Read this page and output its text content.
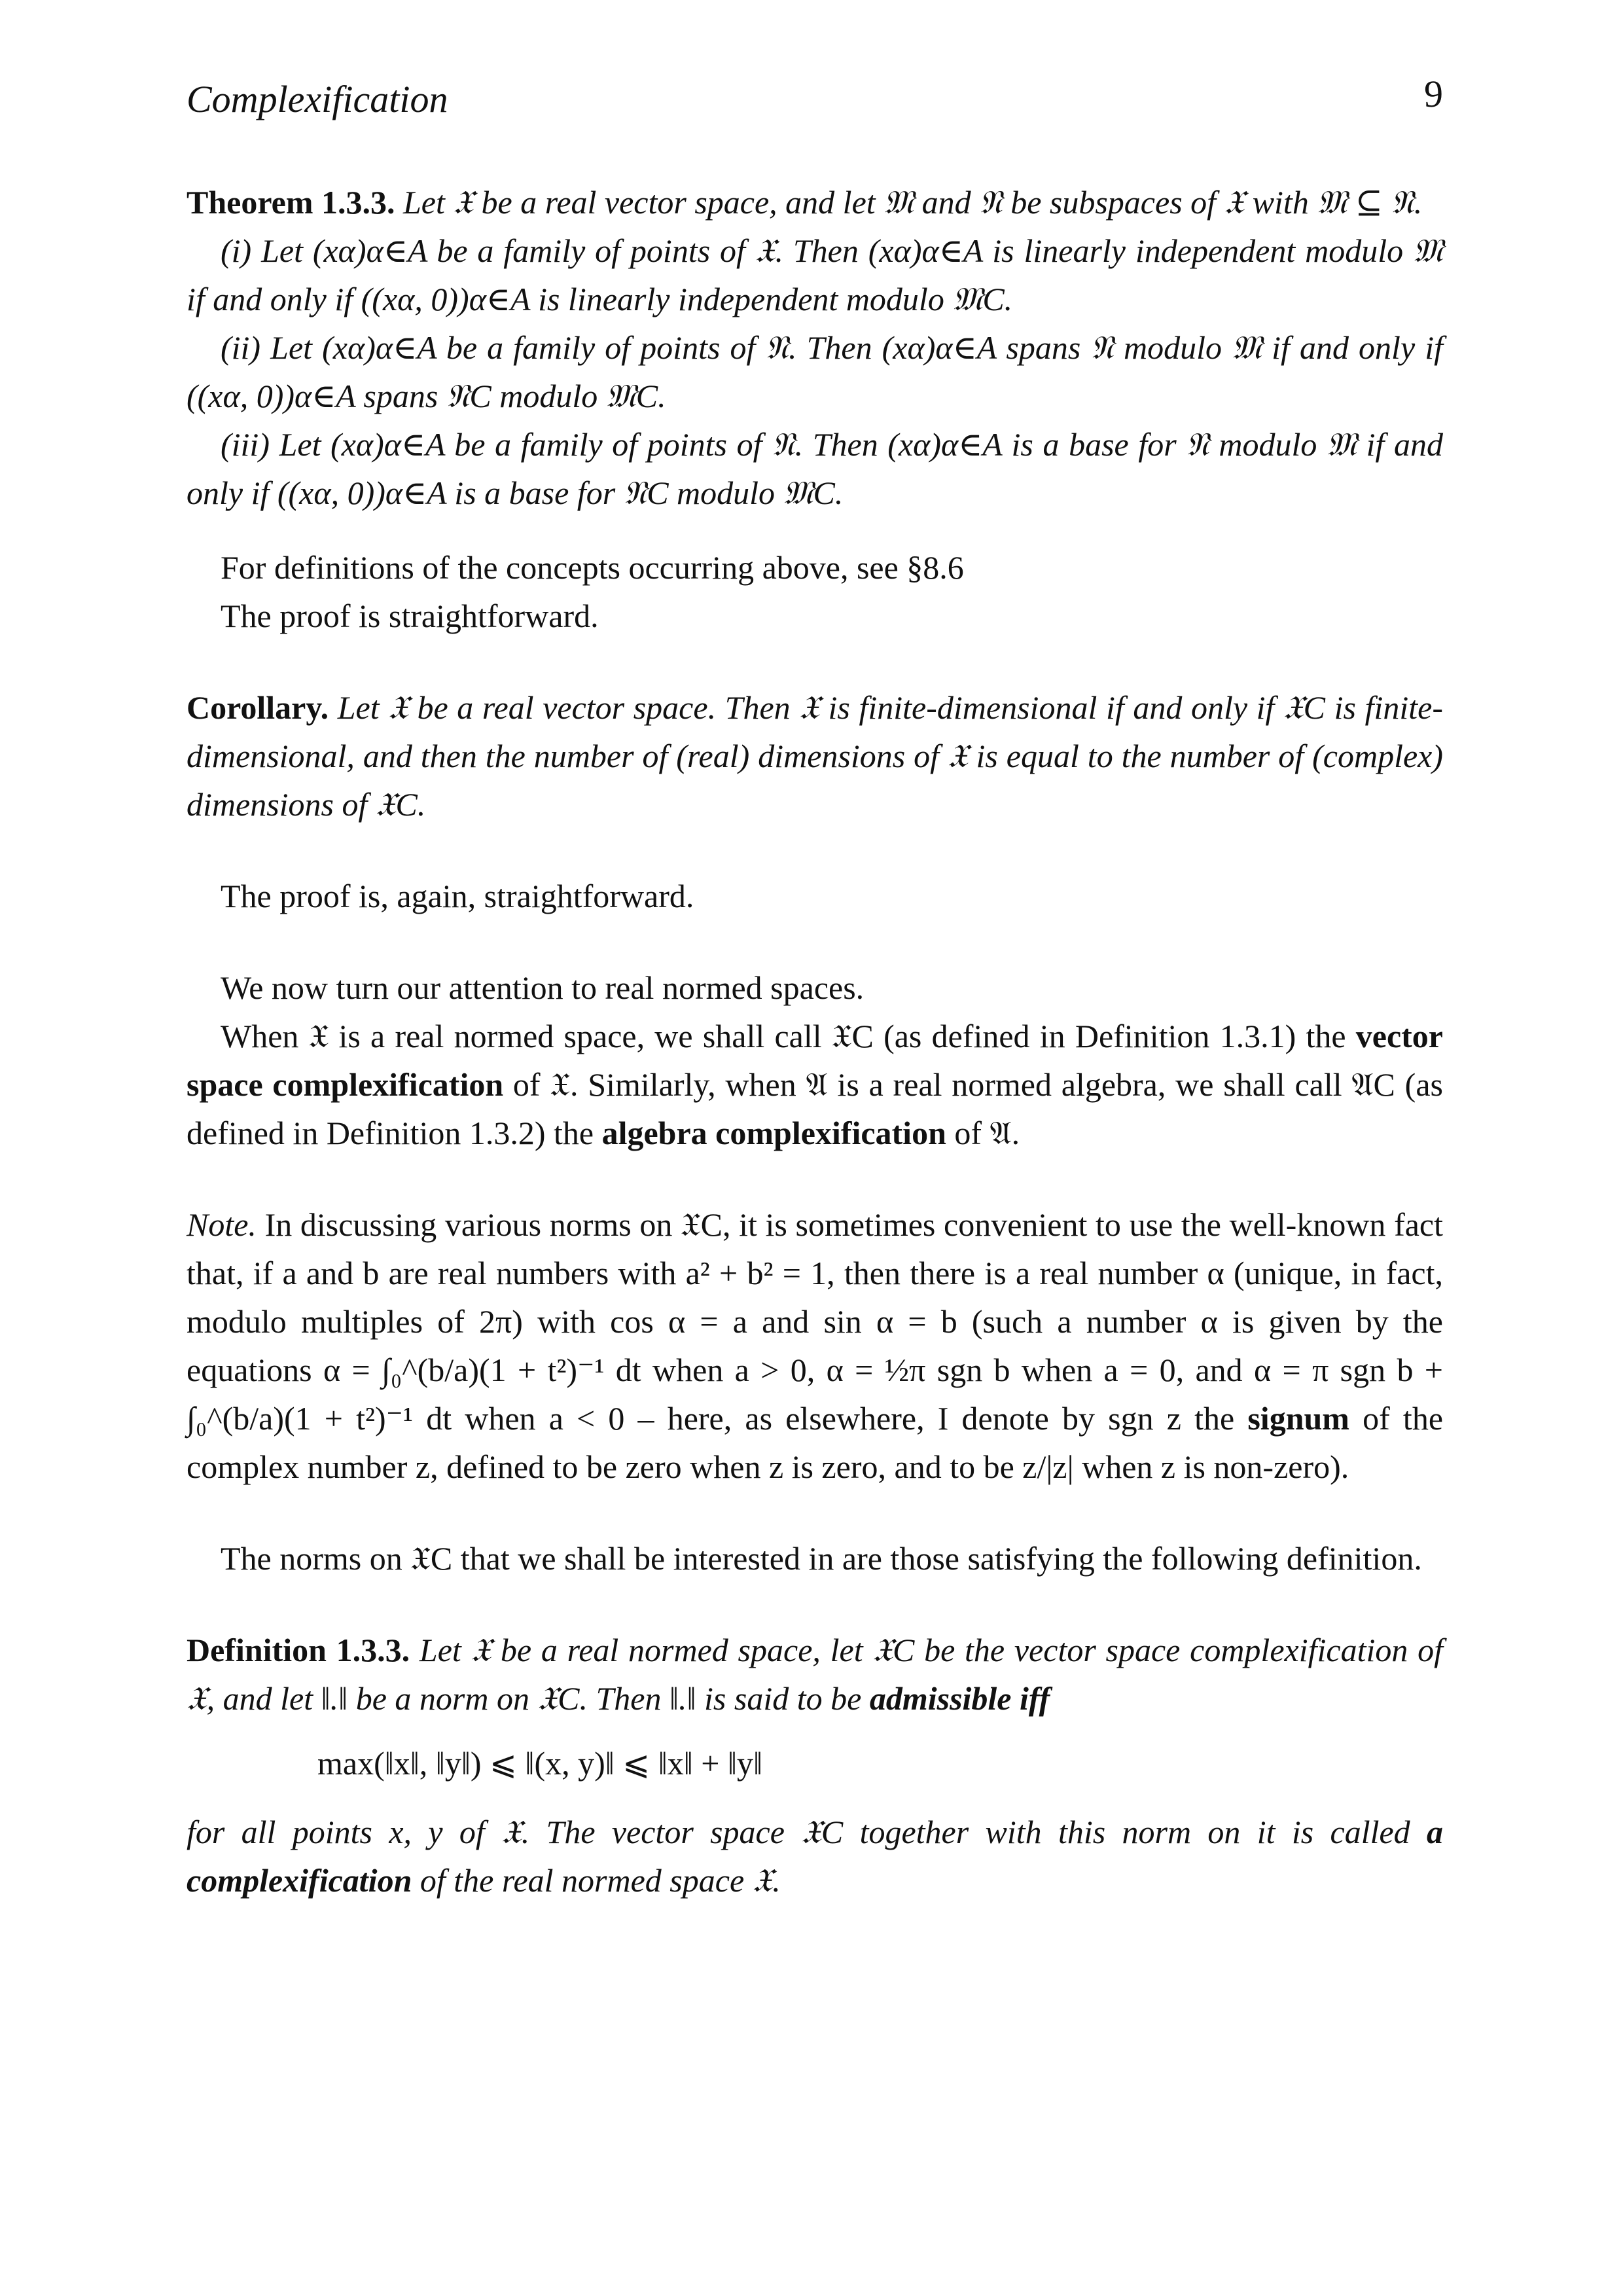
Complexification	9

Theorem 1.3.3. Let 𝔛 be a real vector space, and let 𝔐 and 𝔑 be subspaces of 𝔛 with 𝔐 ⊆ 𝔑.

(i) Let (xα)α∈A be a family of points of 𝔛. Then (xα)α∈A is linearly independent modulo 𝔐 if and only if ((xα, 0))α∈A is linearly independent modulo 𝔐C.

(ii) Let (xα)α∈A be a family of points of 𝔑. Then (xα)α∈A spans 𝔑 modulo 𝔐 if and only if ((xα, 0))α∈A spans 𝔑C modulo 𝔐C.

(iii) Let (xα)α∈A be a family of points of 𝔑. Then (xα)α∈A is a base for 𝔑 modulo 𝔐 if and only if ((xα, 0))α∈A is a base for 𝔑C modulo 𝔐C.

For definitions of the concepts occurring above, see §8.6

The proof is straightforward.

Corollary. Let 𝔛 be a real vector space. Then 𝔛 is finite-dimensional if and only if 𝔛C is finite-dimensional, and then the number of (real) dimensions of 𝔛 is equal to the number of (complex) dimensions of 𝔛C.

The proof is, again, straightforward.

We now turn our attention to real normed spaces.

When 𝔛 is a real normed space, we shall call 𝔛C (as defined in Definition 1.3.1) the vector space complexification of 𝔛. Similarly, when 𝔄 is a real normed algebra, we shall call 𝔄C (as defined in Definition 1.3.2) the algebra complexification of 𝔄.

Note. In discussing various norms on 𝔛C, it is sometimes convenient to use the well-known fact that, if a and b are real numbers with a² + b² = 1, then there is a real number α (unique, in fact, modulo multiples of 2π) with cos α = a and sin α = b (such a number α is given by the equations α = ∫₀^(b/a)(1 + t²)⁻¹ dt when a > 0, α = ½π sgn b when a = 0, and α = π sgn b + ∫₀^(b/a)(1 + t²)⁻¹ dt when a < 0 – here, as elsewhere, I denote by sgn z the signum of the complex number z, defined to be zero when z is zero, and to be z/|z| when z is non-zero).

The norms on 𝔛C that we shall be interested in are those satisfying the following definition.

Definition 1.3.3. Let 𝔛 be a real normed space, let 𝔛C be the vector space complexification of 𝔛, and let ‖.‖ be a norm on 𝔛C. Then ‖.‖ is said to be admissible iff

max(‖x‖, ‖y‖) ⩽ ‖(x, y)‖ ⩽ ‖x‖ + ‖y‖

for all points x, y of 𝔛. The vector space 𝔛C together with this norm on it is called a complexification of the real normed space 𝔛.
